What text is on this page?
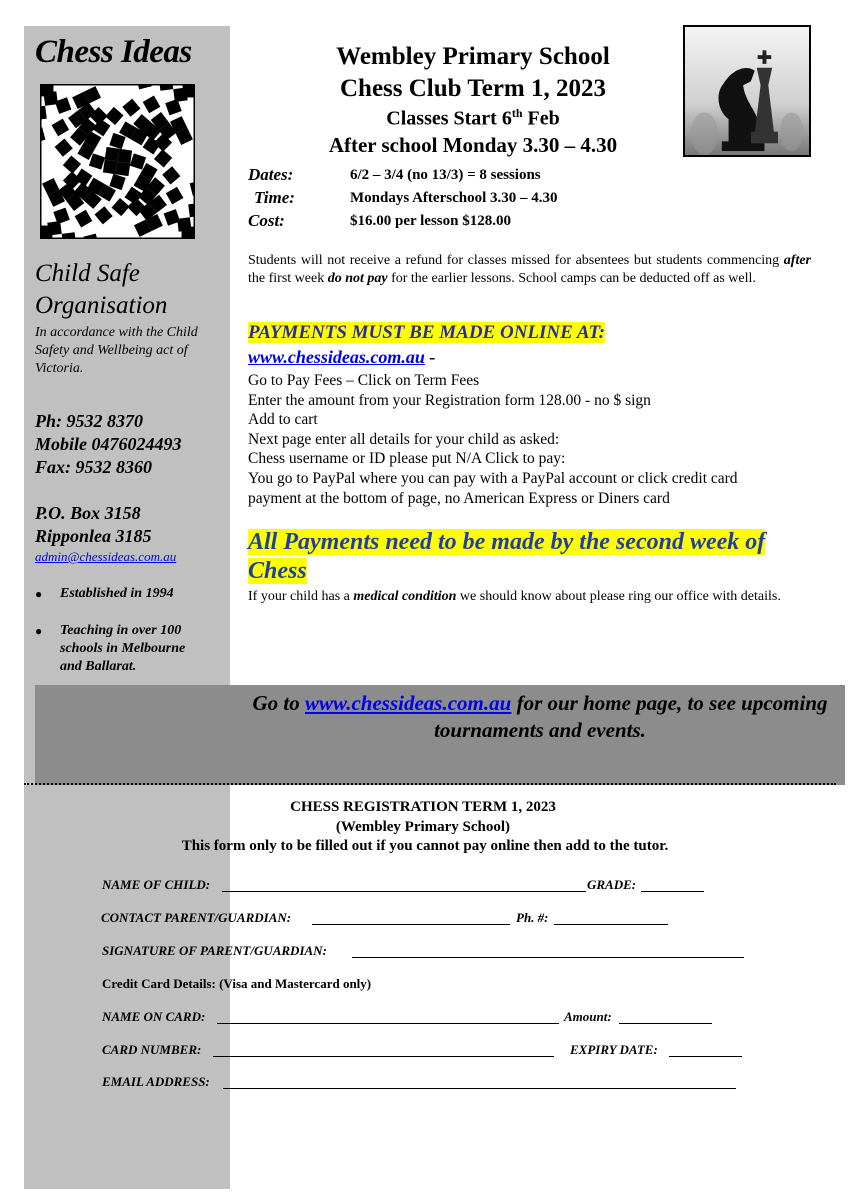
Chess Ideas
Child Safe Organisation
In accordance with the Child Safety and Wellbeing act of Victoria.
Ph: 9532 8370
Mobile 0476024493
Fax: 9532 8360
P.O. Box 3158
Ripponlea 3185
admin@chessideas.com.au
● Established in 1994
● Teaching in over 100 schools in Melbourne and Ballarat.
Wembley Primary School
Chess Club Term 1, 2023
Classes Start 6th Feb
After school Monday 3.30 – 4.30
Dates:	6/2 – 3/4 (no 13/3) = 8 sessions
Time:	Mondays Afterschool 3.30 – 4.30
Cost:	$16.00 per lesson $128.00
Students will not receive a refund for classes missed for absentees but students commencing after the first week do not pay for the earlier lessons. School camps can be deducted off as well.
PAYMENTS MUST BE MADE ONLINE AT:
www.chessideas.com.au -
Go to Pay Fees – Click on Term Fees
Enter the amount from your Registration form 128.00 - no $ sign
Add to cart
Next page enter all details for your child as asked:
Chess username or ID please put N/A Click to pay:
You go to PayPal where you can pay with a PayPal account or click credit card
payment at the bottom of page, no American Express or Diners card
All Payments need to be made by the second week of Chess
If your child has a medical condition we should know about please ring our office with details.
Go to www.chessideas.com.au for our home page, to see upcoming tournaments and events.
CHESS REGISTRATION TERM 1, 2023
(Wembley Primary School)
This form only to be filled out if you cannot pay online then add to the tutor.
NAME OF CHILD:	GRADE:
CONTACT PARENT/GUARDIAN:	Ph. #:
SIGNATURE OF PARENT/GUARDIAN:
Credit Card Details: (Visa and Mastercard only)
NAME ON CARD:	Amount:
CARD NUMBER:	EXPIRY DATE:
EMAIL ADDRESS:
